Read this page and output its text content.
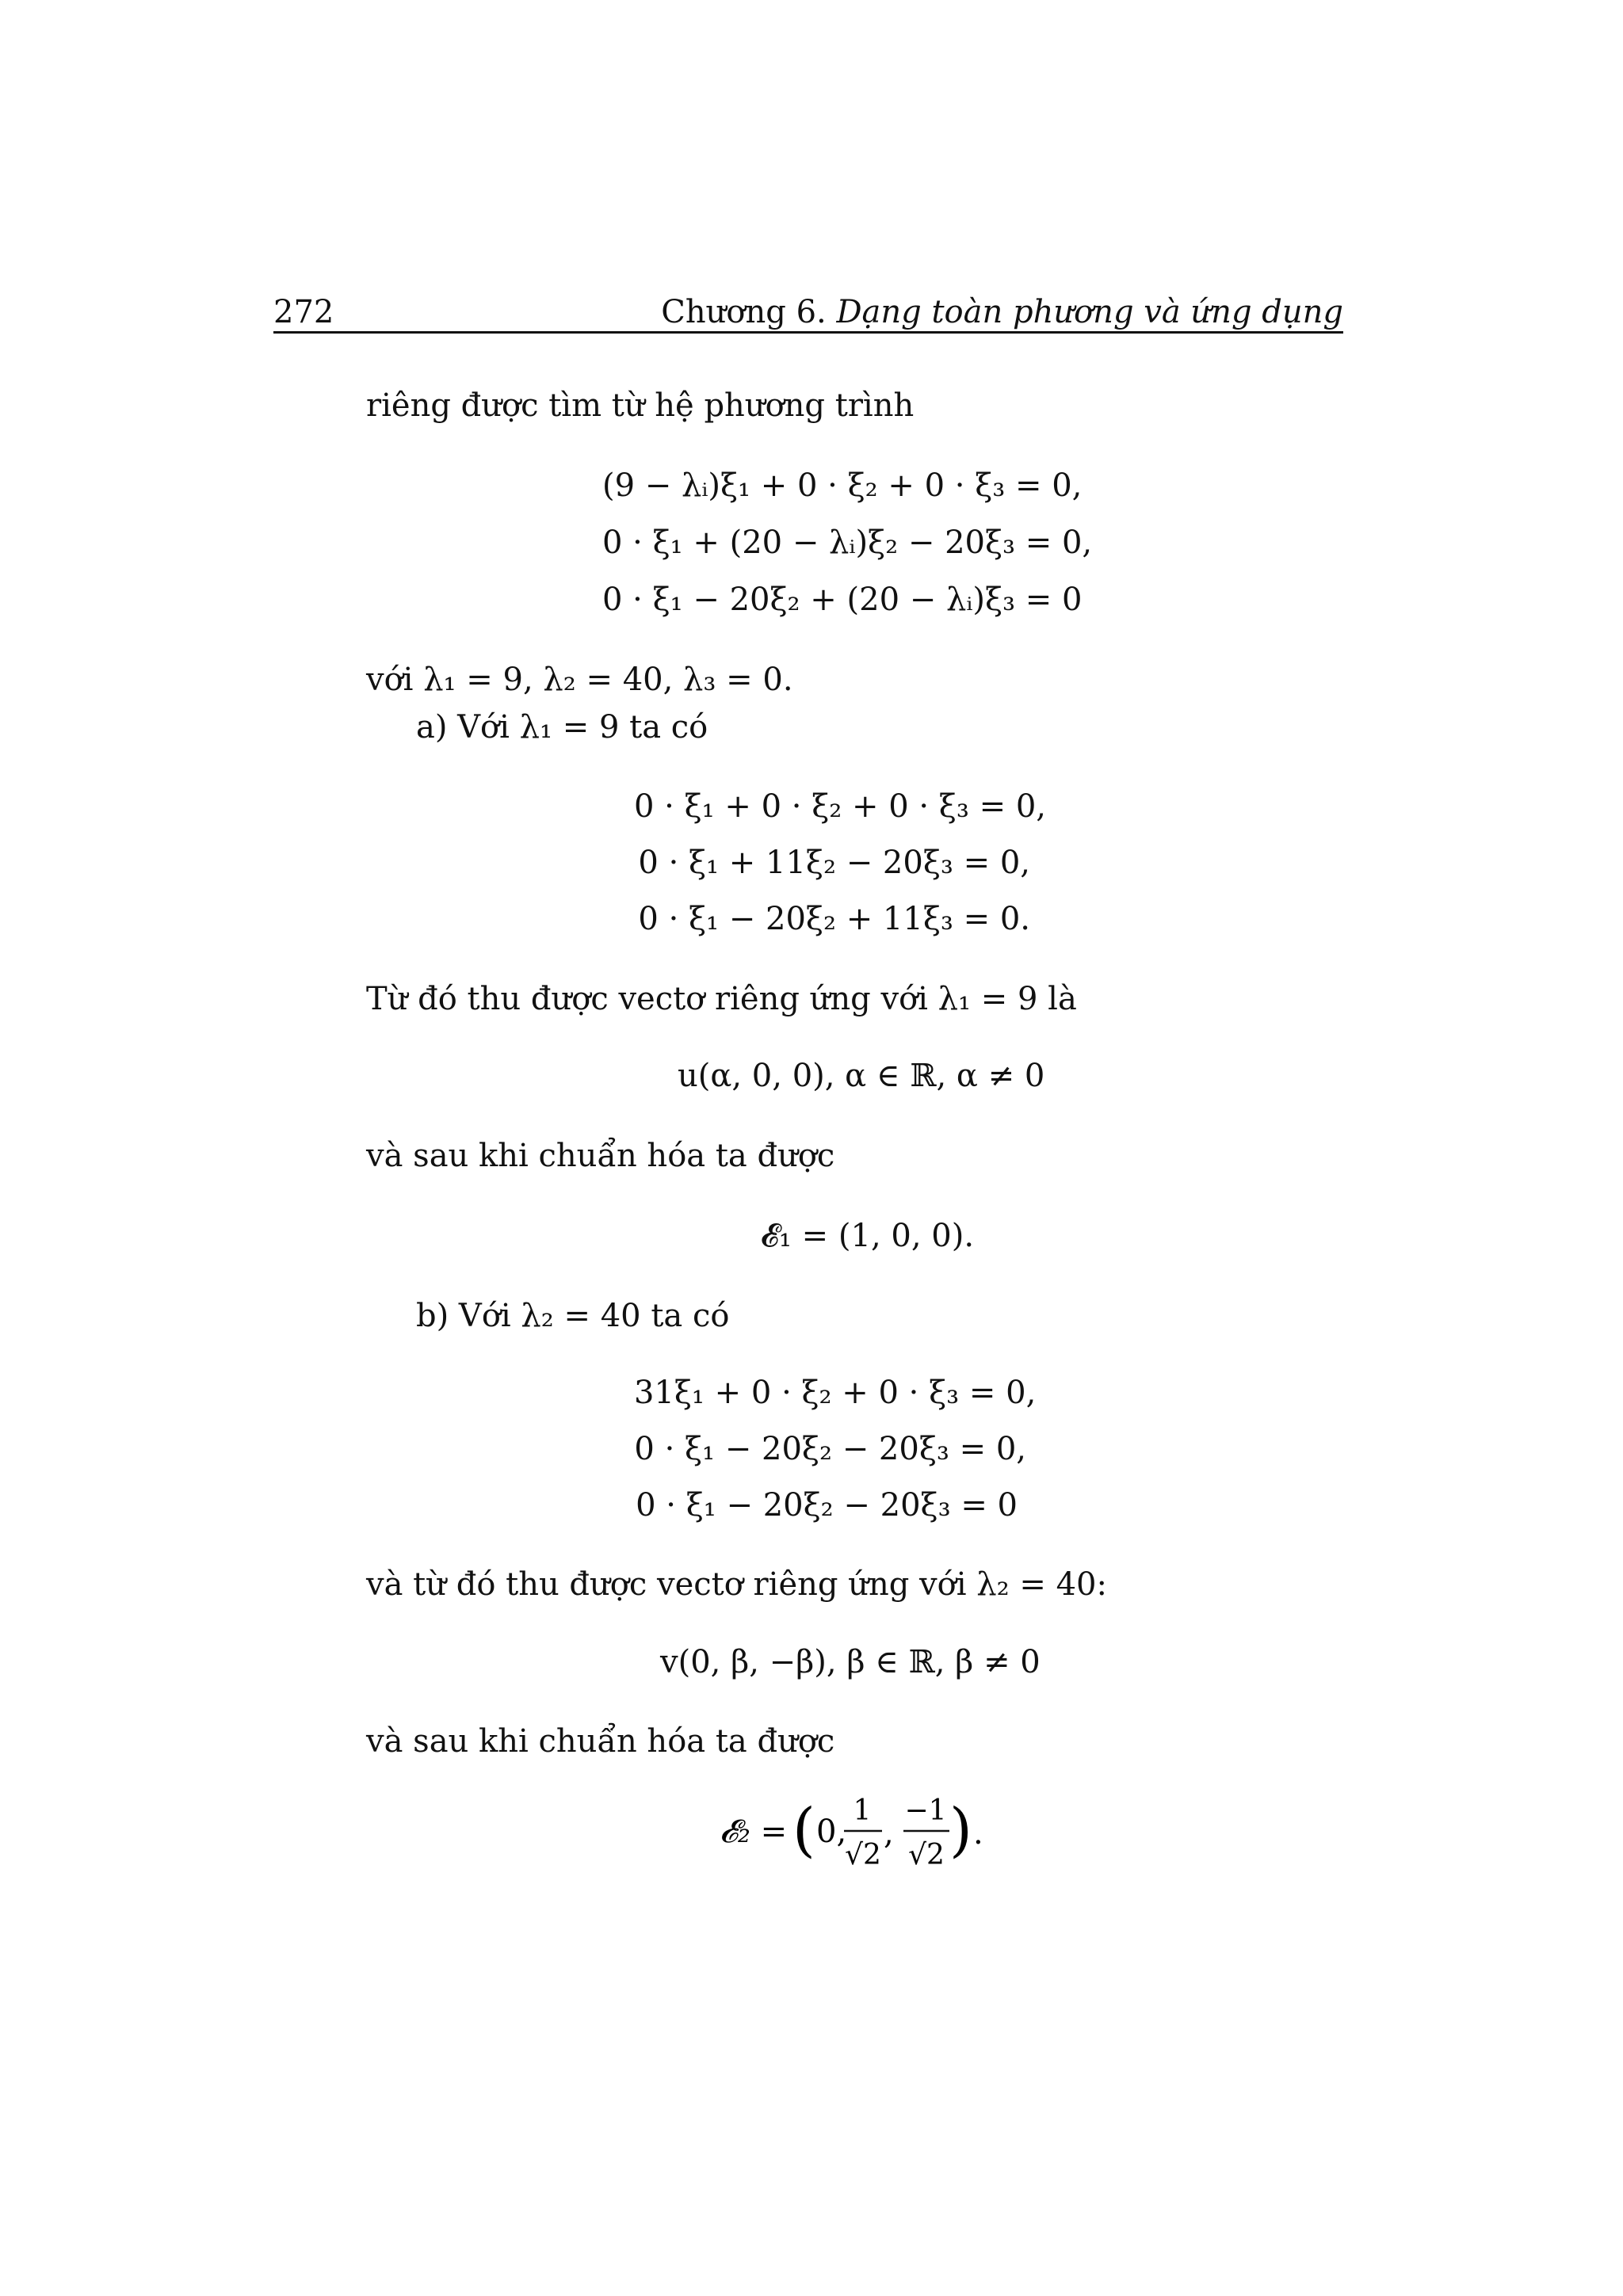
272	Chương 6. Dạng toàn phương và ứng dụng
riêng được tìm từ hệ phương trình
(9 − λᵢ)ξ₁ + 0 · ξ₂ + 0 · ξ₃ = 0,
0 · ξ₁ + (20 − λᵢ)ξ₂ − 20ξ₃ = 0,
0 · ξ₁ − 20ξ₂ + (20 − λᵢ)ξ₃ = 0
với λ₁ = 9, λ₂ = 40, λ₃ = 0.
a) Với λ₁ = 9 ta có
0 · ξ₁ + 0 · ξ₂ + 0 · ξ₃ = 0,
0 · ξ₁ + 11ξ₂ − 20ξ₃ = 0,
0 · ξ₁ − 20ξ₂ + 11ξ₃ = 0.
Từ đó thu được vectơ riêng ứng với λ₁ = 9 là
u(α, 0, 0), α ∈ ℝ, α ≠ 0
và sau khi chuẩn hóa ta được
𝓔₁ = (1, 0, 0).
b) Với λ₂ = 40 ta có
31ξ₁ + 0 · ξ₂ + 0 · ξ₃ = 0,
0 · ξ₁ − 20ξ₂ − 20ξ₃ = 0,
0 · ξ₁ − 20ξ₂ − 20ξ₃ = 0
và từ đó thu được vectơ riêng ứng với λ₂ = 40:
v(0, β, −β), β ∈ ℝ, β ≠ 0
và sau khi chuẩn hóa ta được
𝓔₂ = ( 0,
1
√2
,
−1
√2 ) .
